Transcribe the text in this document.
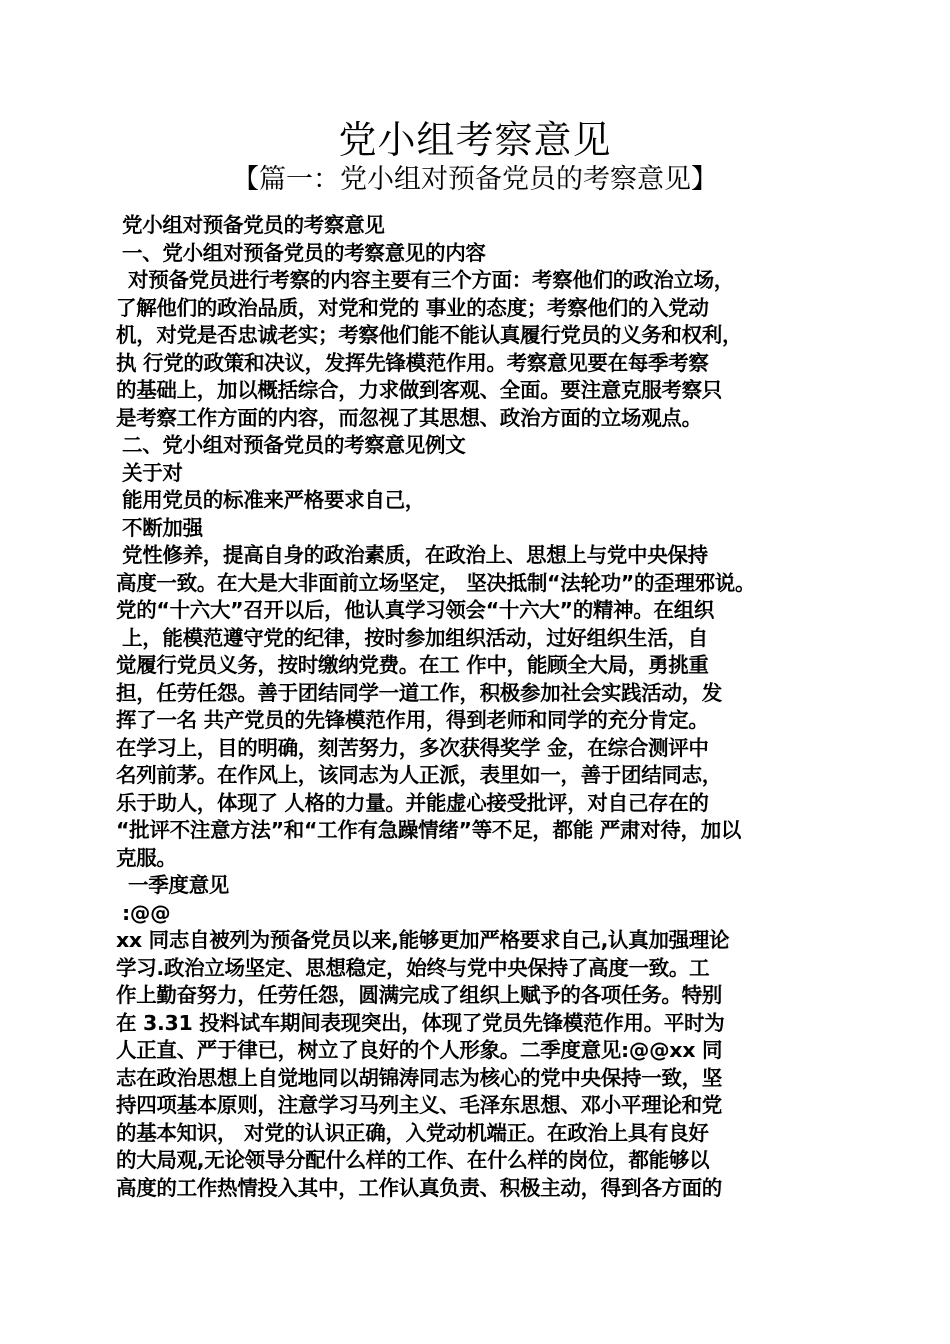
党小组考察意见
【篇一：党小组对预备党员的考察意见】
党小组对预备党员的考察意见
一、党小组对预备党员的考察意见的内容
对预备党员进行考察的内容主要有三个方面：考察他们的政治立场，
了解他们的政治品质，对党和党的 事业的态度；考察他们的入党动
机，对党是否忠诚老实；考察他们能不能认真履行党员的义务和权利，
执 行党的政策和决议，发挥先锋模范作用。考察意见要在每季考察
的基础上，加以概括综合，力求做到客观、全面。要注意克服考察只
是考察工作方面的内容，而忽视了其思想、政治方面的立场观点。
二、党小组对预备党员的考察意见例文
关于对
能用党员的标准来严格要求自己，
不断加强
党性修养，提高自身的政治素质，在政治上、思想上与党中央保持
高度一致。在大是大非面前立场坚定， 坚决抵制“法轮功”的歪理邪说。
党的“十六大”召开以后，他认真学习领会“十六大”的精神。在组织
上，能模范遵守党的纪律，按时参加组织活动，过好组织生活，自
觉履行党员义务，按时缴纳党费。在工 作中，能顾全大局，勇挑重
担，任劳任怨。善于团结同学一道工作，积极参加社会实践活动，发
挥了一名 共产党员的先锋模范作用，得到老师和同学的充分肯定。
在学习上，目的明确，刻苦努力，多次获得奖学 金，在综合测评中
名列前茅。在作风上，该同志为人正派，表里如一，善于团结同志，
乐于助人，体现了 人格的力量。并能虚心接受批评，对自己存在的
“批评不注意方法”和“工作有急躁情绪”等不足，都能 严肃对待，加以
克服。
一季度意见
:@@
xx 同志自被列为预备党员以来,能够更加严格要求自己,认真加强理论
学习.政治立场坚定、思想稳定，始终与党中央保持了高度一致。工
作上勤奋努力，任劳任怨，圆满完成了组织上赋予的各项任务。特别
在 3.31 投料试车期间表现突出，体现了党员先锋模范作用。平时为
人正直、严于律已，树立了良好的个人形象。二季度意见:@@xx 同
志在政治思想上自觉地同以胡锦涛同志为核心的党中央保持一致，坚
持四项基本原则，注意学习马列主义、毛泽东思想、邓小平理论和党
的基本知识， 对党的认识正确，入党动机端正。在政治上具有良好
的大局观,无论领导分配什么样的工作、在什么样的岗位，都能够以
高度的工作热情投入其中，工作认真负责、积极主动，得到各方面的
